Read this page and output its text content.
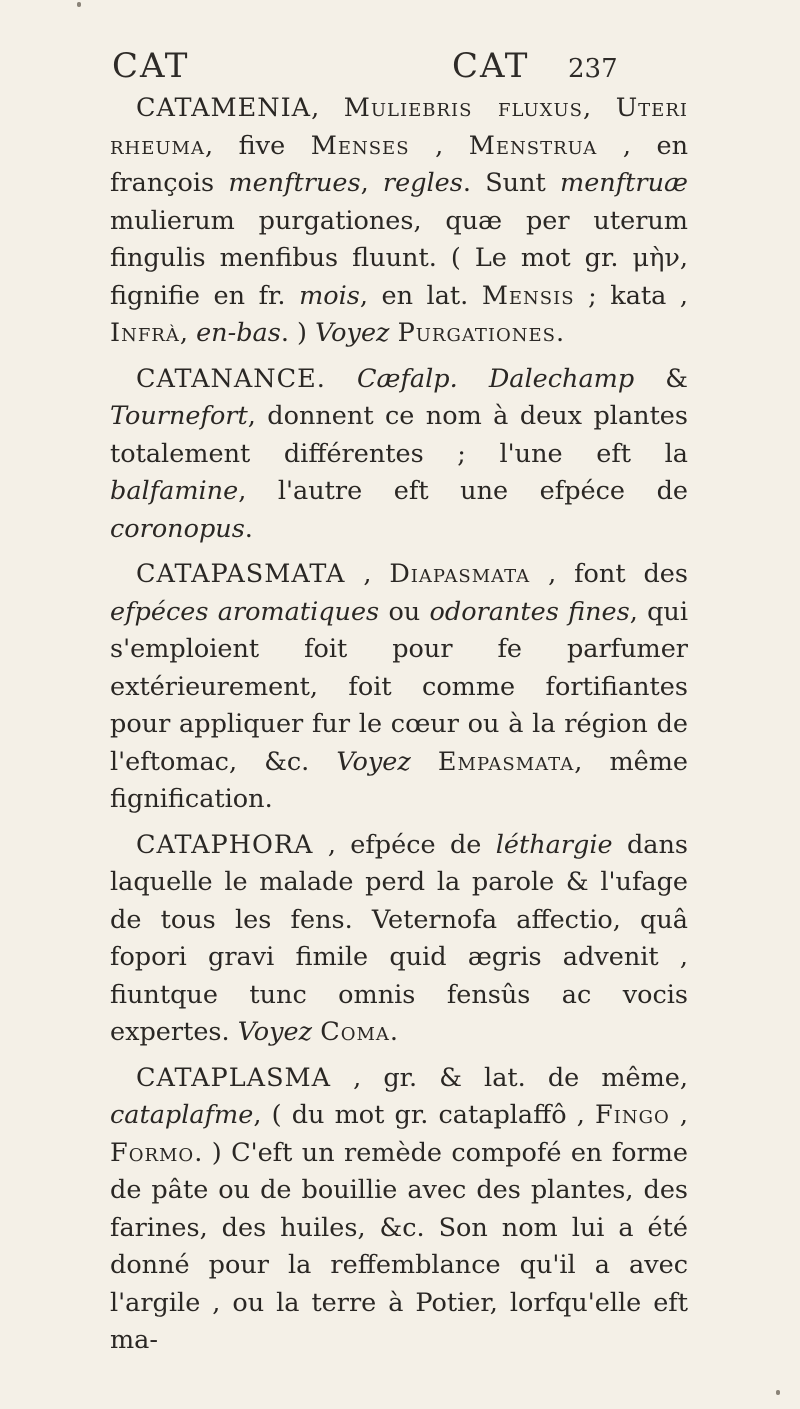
CAT	CAT 237

CATAMENIA, Muliebris fluxus, Uteri rheuma, five Menses , Menstrua , en françois menftrues, regles. Sunt menftruæ mulierum purgationes, quæ per uterum fingulis menfibus fluunt. ( Le mot gr. μὴν, fignifie en fr. mois, en lat. Mensis ; kata , Infrà, en-bas. ) Voyez Purgationes.

CATANANCE. Cæfalp. Dalechamp & Tournefort, donnent ce nom à deux plantes totalement différentes ; l'une eft la balfamine, l'autre eft une efpéce de coronopus.

CATAPASMATA , Diapasmata , font des efpéces aromatiques ou odorantes fines, qui s'emploient foit pour fe parfumer extérieurement, foit comme fortifiantes pour appliquer fur le cœur ou à la région de l'eftomac, &c. Voyez Empasmata, même fignification.

CATAPHORA , efpéce de léthargie dans laquelle le malade perd la parole & l'ufage de tous les fens. Veternofa affectio, quâ fopori gravi fimile quid ægris advenit , fiuntque tunc omnis fensûs ac vocis expertes. Voyez Coma.

CATAPLASMA , gr. & lat. de même, cataplafme, ( du mot gr. cataplaffô , Fingo , Formo. ) C'eft un remède compofé en forme de pâte ou de bouillie avec des plantes, des farines, des huiles, &c. Son nom lui a été donné pour la reffemblance qu'il a avec l'argile , ou la terre à Potier, lorfqu'elle eft ma-
